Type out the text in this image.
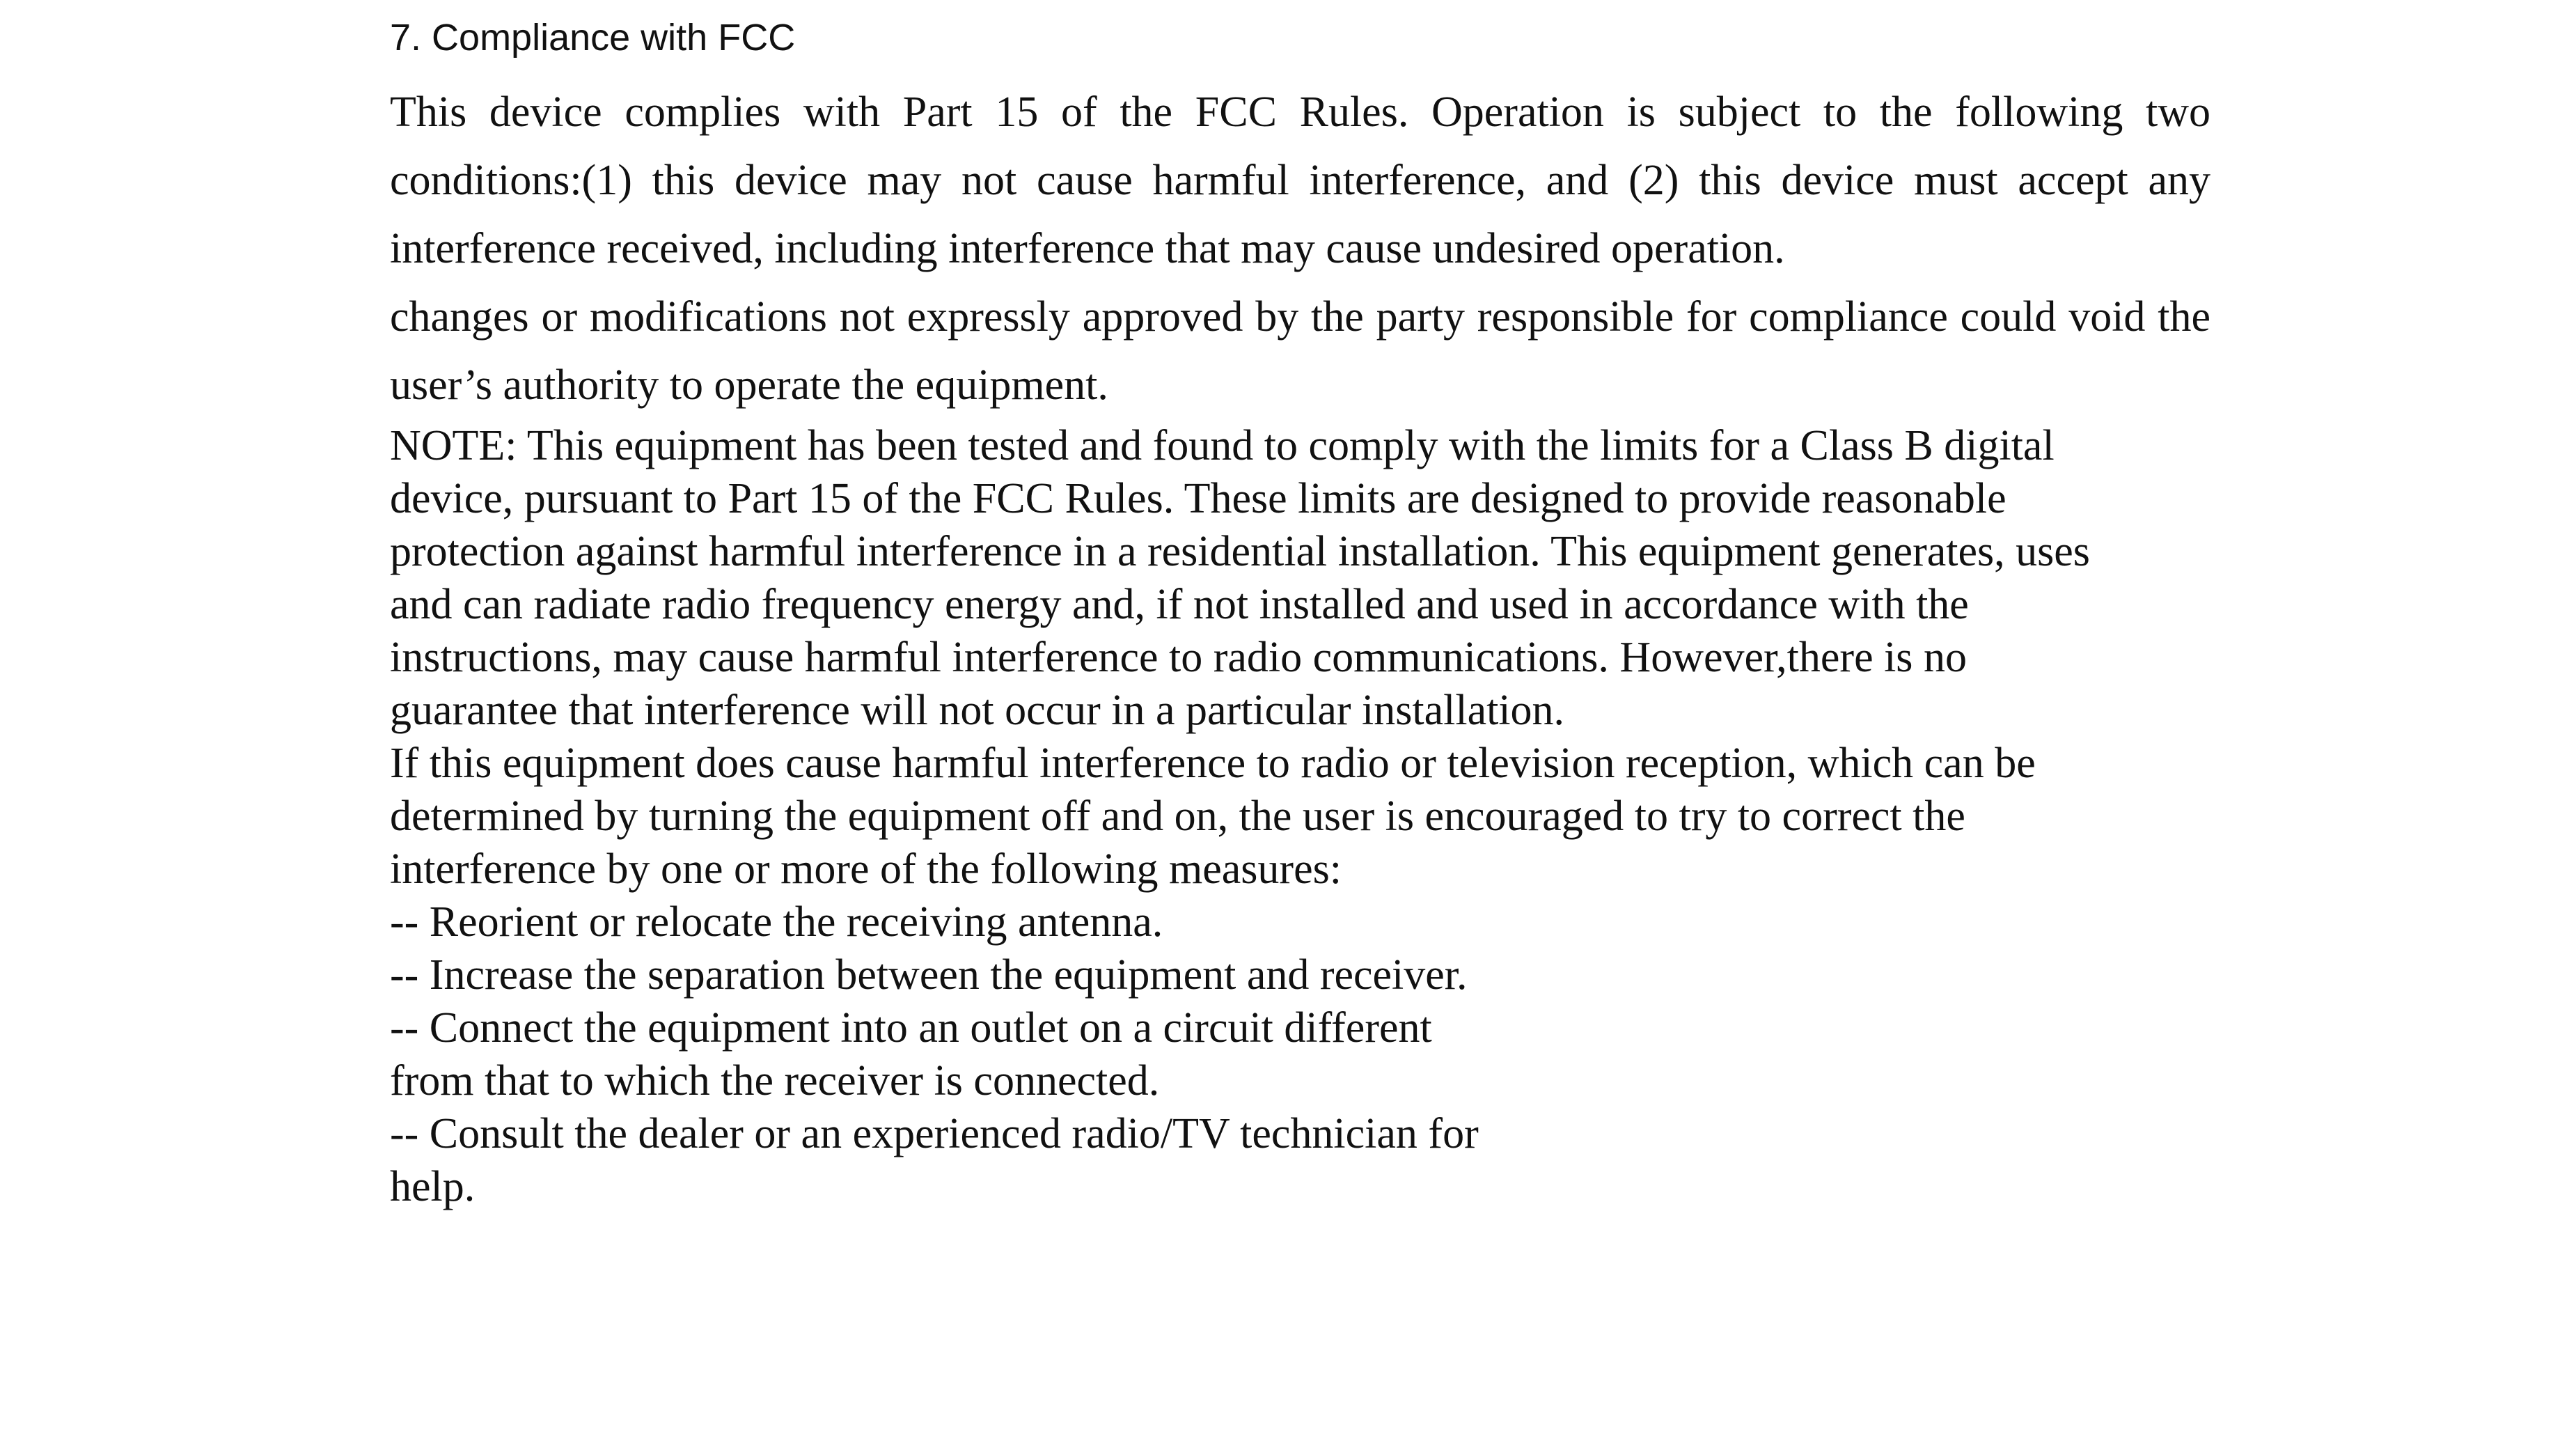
7. Compliance with FCC

This device complies with Part 15 of the FCC Rules. Operation is subject to the following two conditions:(1) this device may not cause harmful interference, and (2) this device must accept any interference received, including interference that may cause undesired operation.

changes or modifications not expressly approved by the party responsible for compliance could void the user’s authority to operate the equipment.

NOTE: This equipment has been tested and found to comply with the limits for a Class B digital
device, pursuant to Part 15 of the FCC Rules. These limits are designed to provide reasonable
protection against harmful interference in a residential installation. This equipment generates, uses
and can radiate radio frequency energy and, if not installed and used in accordance with the
instructions, may cause harmful interference to radio communications. However,there is no
guarantee that interference will not occur in a particular installation.
If this equipment does cause harmful interference to radio or television reception, which can be
determined by turning the equipment off and on, the user is encouraged to try to correct the
interference by one or more of the following measures:
-- Reorient or relocate the receiving antenna.
-- Increase the separation between the equipment and receiver.
-- Connect the equipment into an outlet on a circuit different
from that to which the receiver is connected.
-- Consult the dealer or an experienced radio/TV technician for
help.
